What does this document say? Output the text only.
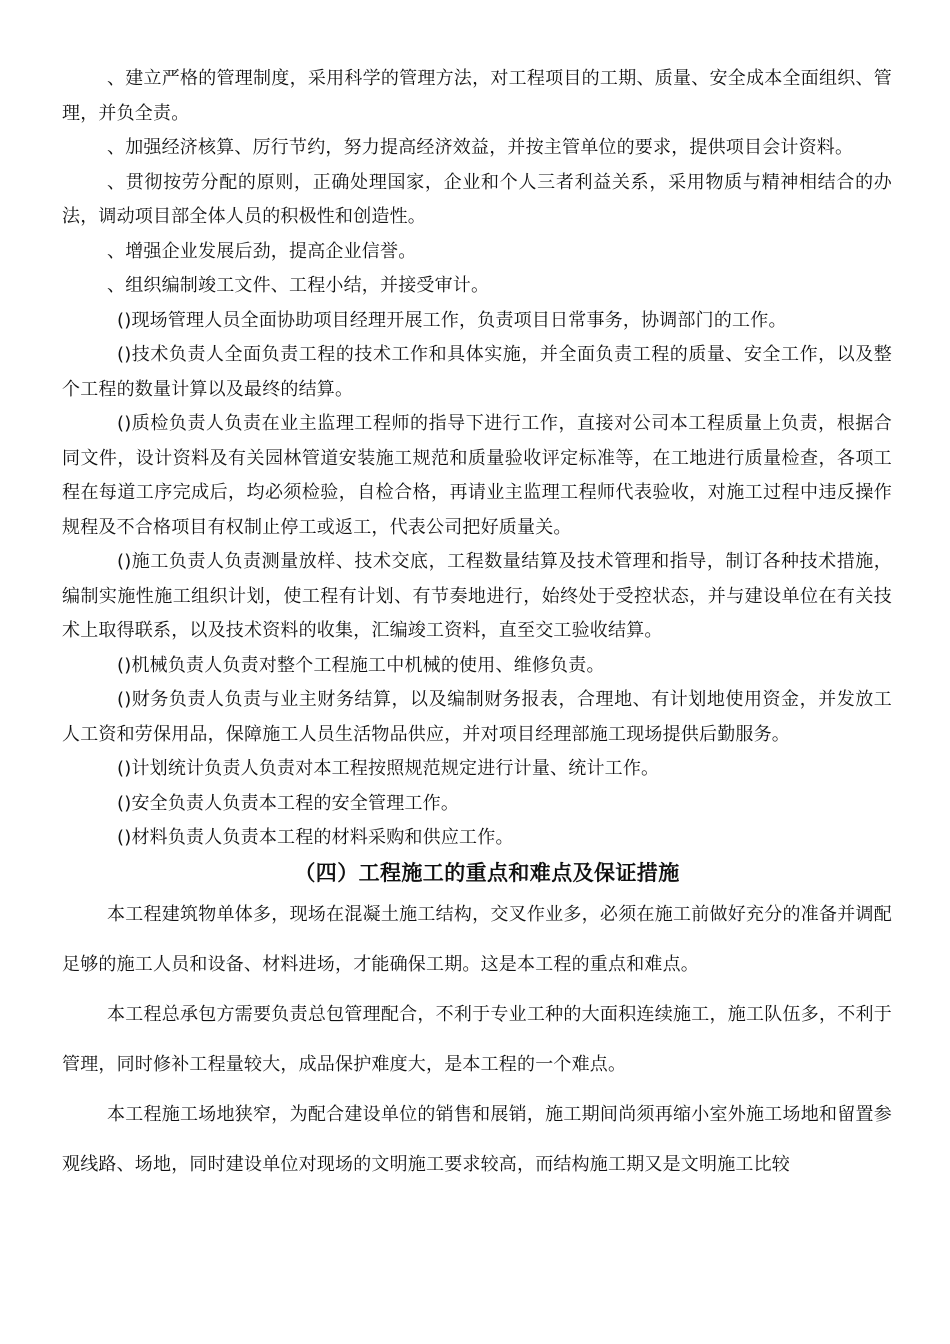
、建立严格的管理制度，采用科学的管理方法，对工程项目的工期、质量、安全成本全面组织、管理，并负全责。

、加强经济核算、厉行节约，努力提高经济效益，并按主管单位的要求，提供项目会计资料。

、贯彻按劳分配的原则，正确处理国家，企业和个人三者利益关系，采用物质与精神相结合的办法，调动项目部全体人员的积极性和创造性。

、增强企业发展后劲，提高企业信誉。

、组织编制竣工文件、工程小结，并接受审计。

()现场管理人员全面协助项目经理开展工作，负责项目日常事务，协调部门的工作。

()技术负责人全面负责工程的技术工作和具体实施，并全面负责工程的质量、安全工作，以及整个工程的数量计算以及最终的结算。

()质检负责人负责在业主监理工程师的指导下进行工作，直接对公司本工程质量上负责，根据合同文件，设计资料及有关园林管道安装施工规范和质量验收评定标准等，在工地进行质量检查，各项工程在每道工序完成后，均必须检验，自检合格，再请业主监理工程师代表验收，对施工过程中违反操作规程及不合格项目有权制止停工或返工，代表公司把好质量关。

()施工负责人负责测量放样、技术交底，工程数量结算及技术管理和指导，制订各种技术措施，编制实施性施工组织计划，使工程有计划、有节奏地进行，始终处于受控状态，并与建设单位在有关技术上取得联系，以及技术资料的收集，汇编竣工资料，直至交工验收结算。

()机械负责人负责对整个工程施工中机械的使用、维修负责。

()财务负责人负责与业主财务结算，以及编制财务报表，合理地、有计划地使用资金，并发放工人工资和劳保用品，保障施工人员生活物品供应，并对项目经理部施工现场提供后勤服务。

()计划统计负责人负责对本工程按照规范规定进行计量、统计工作。

()安全负责人负责本工程的安全管理工作。

()材料负责人负责本工程的材料采购和供应工作。

（四）工程施工的重点和难点及保证措施

本工程建筑物单体多，现场在混凝土施工结构，交叉作业多，必须在施工前做好充分的准备并调配足够的施工人员和设备、材料进场，才能确保工期。这是本工程的重点和难点。

本工程总承包方需要负责总包管理配合，不利于专业工种的大面积连续施工，施工队伍多，不利于管理，同时修补工程量较大，成品保护难度大，是本工程的一个难点。

本工程施工场地狭窄，为配合建设单位的销售和展销，施工期间尚须再缩小室外施工场地和留置参观线路、场地，同时建设单位对现场的文明施工要求较高，而结构施工期又是文明施工比较
